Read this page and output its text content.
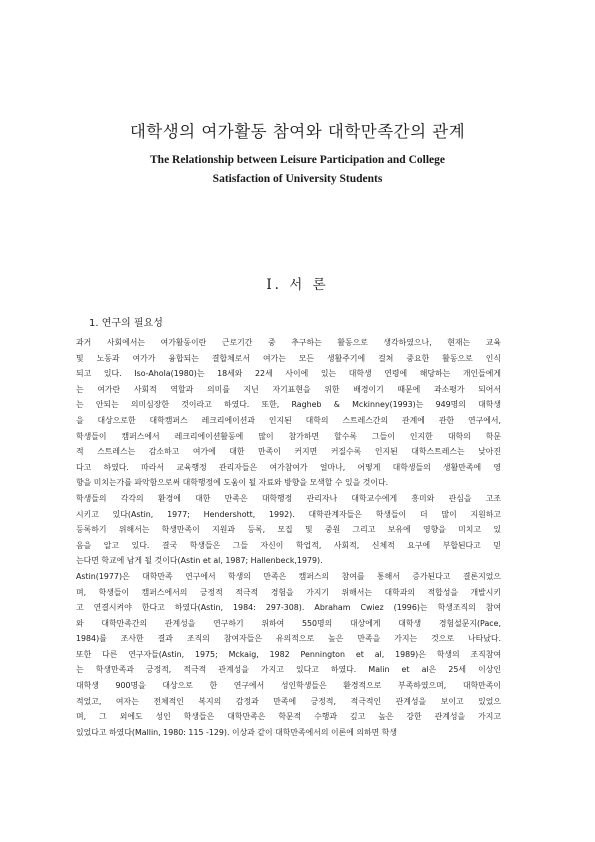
대학생의 여가활동 참여와 대학만족간의 관계
The Relationship between Leisure Participation and College
Satisfaction of University Students
Ⅰ. 서 론
1. 연구의 필요성
과거 사회에서는 여가활동이란 근로기간 중 추구하는 활동으로 생각하였으나, 현재는 교육
및 노동과 여가가 융합되는 결합체로서 여가는 모든 생활주기에 걸쳐 중요한 활동으로 인식
되고 있다. Iso-Ahola(1980)는 18세와 22세 사이에 있는 대학생 연령에 해당하는 개인들에게
는 여가란 사회적 역할과 의미를 지닌 자기표현을 위한 배경이기 때문에 과소평가 되어서
는 안되는 의미심장한 것이라고 하였다. 또한, Ragheb & Mckinney(1993)는 949명의 대학생
을 대상으로한 대학캠퍼스 레크리에이션과 인지된 대학의 스트레스간의 관계에 관한 연구에서,
학생들이 캠퍼스에서 레크리에이션활동에 많이 참가하면 할수록 그들이 인지한 대학의 학문
적 스트레스는 감소하고 여가에 대한 만족이 커지면 커질수록 인지된 대학스트레스는 낮아진
다고 하였다. 따라서 교육행정 관리자들은 여가참여가 얼마나, 어떻게 대학생들의 생활만족에 영
향을 미치는가를 파악함으로써 대학행정에 도움이 될 자료와 방향을 모색할 수 있을 것이다.
학생들의 각각의 환경에 대한 만족은 대학행정 관리자나 대학교수에게 흥미와 관심을 고조
시키고 있다(Astin, 1977; Hendershott, 1992). 대학관계자들은 학생들이 더 많이 지원하고
등록하기 위해서는 학생만족이 지원과 등록, 모집 및 중원 그리고 보유에 영향을 미치고 있
음을 알고 있다. 결국 학생들은 그들 자신이 학업적, 사회적, 신체적 요구에 부합된다고 믿
는다면 학교에 남게 될 것이다(Astin et al, 1987; Hallenbeck,1979).
Astin(1977)은 대학만족 연구에서 학생의 만족은 캠퍼스의 참여를 통해서 증가된다고 결론지었으
며, 학생들이 캠퍼스에서의 긍정적 적극적 경험을 가지기 위해서는 대학과의 적합성을 개발시키
고 연결시켜야 한다고 하였다(Astin, 1984: 297-308). Abraham Cwiez (1996)는 학생조직의 참여
와 대학만족간의 관계성을 연구하기 위하여 550명의 대상에게 대학생 경험설문지(Pace,
1984)를 조사한 결과 조직의 참여자들은 유의적으로 높은 만족을 가지는 것으로 나타났다.
또한 다른 연구자들(Astin, 1975; Mckaig, 1982 Pennington et al, 1989)은 학생의 조직참여
는 학생만족과 긍정적, 적극적 관계성을 가지고 있다고 하였다. Malin et al은 25세 이상인
대학생 900명을 대상으로 한 연구에서 성인학생들은 환경적으로 부족하였으며, 대학만족이
적었고, 여자는 전체적인 복지의 감정과 만족에 긍정적, 적극적인 관계성을 보이고 있었으
며, 그 외에도 성인 학생들은 대학만족은 학문적 수행과 깊고 높은 강한 관계성을 가지고
있었다고 하였다(Mallin, 1980: 115 -129). 이상과 같이 대학만족에서의 이론에 의하면 학생
